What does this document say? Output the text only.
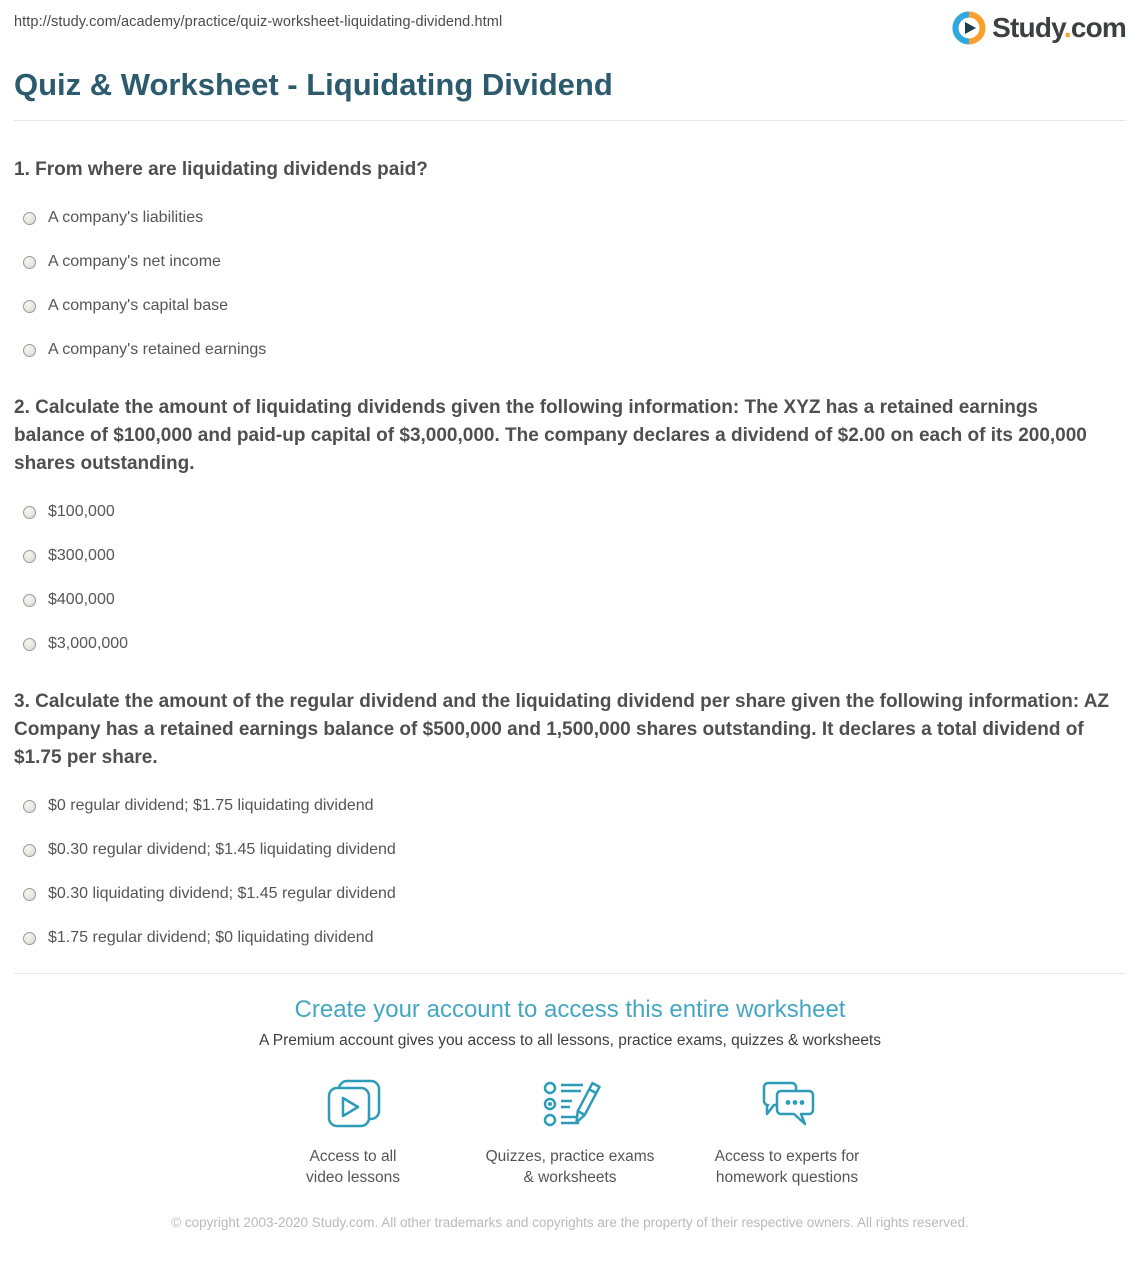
http://study.com/academy/practice/quiz-worksheet-liquidating-dividend.html	Study.com
Quiz & Worksheet - Liquidating Dividend

1. From where are liquidating dividends paid?

A company's liabilities
A company's net income
A company's capital base
A company's retained earnings

2. Calculate the amount of liquidating dividends given the following information: The XYZ has a retained earnings balance of $100,000 and paid-up capital of $3,000,000. The company declares a dividend of $2.00 on each of its 200,000 shares outstanding.

$100,000
$300,000
$400,000
$3,000,000

3. Calculate the amount of the regular dividend and the liquidating dividend per share given the following information: AZ Company has a retained earnings balance of $500,000 and 1,500,000 shares outstanding. It declares a total dividend of $1.75 per share.

$0 regular dividend; $1.75 liquidating dividend
$0.30 regular dividend; $1.45 liquidating dividend
$0.30 liquidating dividend; $1.45 regular dividend
$1.75 regular dividend; $0 liquidating dividend
Create your account to access this entire worksheet

A Premium account gives you access to all lessons, practice exams, quizzes & worksheets

Access to all
video lessons

Quizzes, practice exams
& worksheets

Access to experts for
homework questions

© copyright 2003-2020 Study.com. All other trademarks and copyrights are the property of their respective owners. All rights reserved.
